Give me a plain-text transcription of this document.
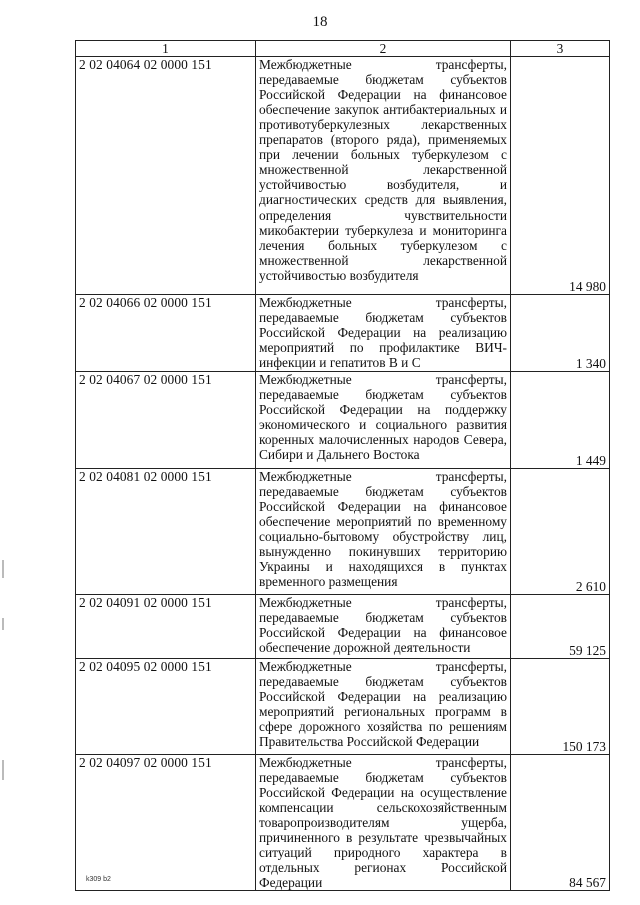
18
1	2	3
2 02 04064 02 0000 151	Межбюджетные трансферты, передаваемые бюджетам субъектов Российской Федерации на финансовое обеспечение закупок антибактериальных и противотуберкулезных лекарственных препаратов (второго ряда), применяемых при лечении больных туберкулезом с множественной лекарственной устойчивостью возбудителя, и диагностических средств для выявления, определения чувствительности микобактерии туберкулеза и мониторинга лечения больных туберкулезом с множественной лекарственной устойчивостью возбудителя	14 980
2 02 04066 02 0000 151	Межбюджетные трансферты, передаваемые бюджетам субъектов Российской Федерации на реализацию мероприятий по профилактике ВИЧ-инфекции и гепатитов В и С	1 340
2 02 04067 02 0000 151	Межбюджетные трансферты, передаваемые бюджетам субъектов Российской Федерации на поддержку экономического и социального развития коренных малочисленных народов Севера, Сибири и Дальнего Востока	1 449
2 02 04081 02 0000 151	Межбюджетные трансферты, передаваемые бюджетам субъектов Российской Федерации на финансовое обеспечение мероприятий по временному социально-бытовому обустройству лиц, вынужденно покинувших территорию Украины и находящихся в пунктах временного размещения	2 610
2 02 04091 02 0000 151	Межбюджетные трансферты, передаваемые бюджетам субъектов Российской Федерации на финансовое обеспечение дорожной деятельности	59 125
2 02 04095 02 0000 151	Межбюджетные трансферты, передаваемые бюджетам субъектов Российской Федерации на реализацию мероприятий региональных программ в сфере дорожного хозяйства по решениям Правительства Российской Федерации	150 173
2 02 04097 02 0000 151	Межбюджетные трансферты, передаваемые бюджетам субъектов Российской Федерации на осуществление компенсации сельскохозяйственным товаропроизводителям ущерба, причиненного в результате чрезвычайных ситуаций природного характера в отдельных регионах Российской Федерации	84 567
k309 b2
